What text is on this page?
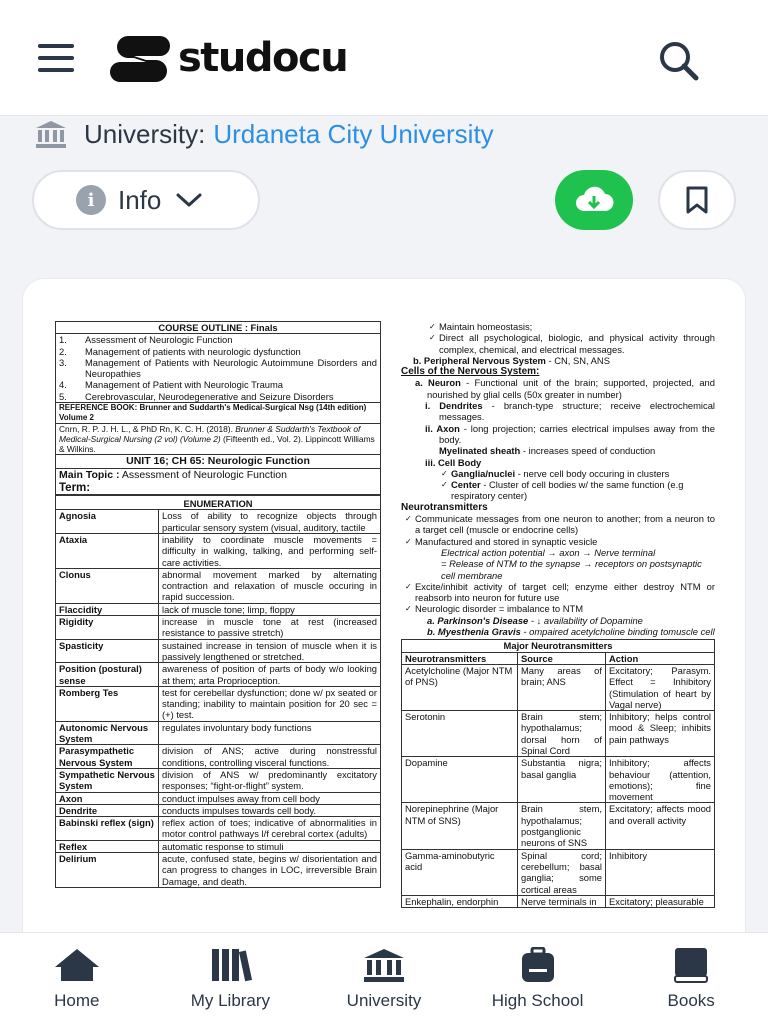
studocu
University: Urdaneta City University
i Info
COURSE OUTLINE : Finals

1.	Assessment of Neurologic Function
2.	Management of patients with neurologic dysfunction
3.	Management of Patients with Neurologic Autoimmune Disorders and Neuropathies
4.	Management of Patient with Neurologic Trauma
5.	Cerebrovascular, Neurodegenerative and Seizure Disorders

REFERENCE BOOK: Brunner and Suddarth's Medical-Surgical Nsg (14th edition) Volume 2
Cnrn, R. P. J. H. L., & PhD Rn, K. C. H. (2018). Brunner & Suddarth's Textbook of Medical-Surgical Nursing (2 vol) (Volume 2) (Fifteenth ed., Vol. 2). Lippincott Williams & Wilkins.
UNIT 16; CH 65: Neurologic Function
Main Topic : Assessment of Neurologic Function
Term:
ENUMERATION	
Agnosia	Loss of ability to recognize objects through particular sensory system (visual, auditory, tactile
Ataxia	inability to coordinate muscle movements = difficulty in walking, talking, and performing self-care activities.
Clonus	abnormal movement marked by alternating contraction and relaxation of muscle occuring in rapid succession.
Flaccidity	lack of muscle tone; limp, floppy
Rigidity	increase in muscle tone at rest (increased resistance to passive stretch)
Spasticity	sustained increase in tension of muscle when it is passively lengthened or stretched.
Position (postural) sense	awareness of position of parts of body w/o looking at them; arta Proprioception.
Romberg Tes	test for cerebellar dysfunction; done w/ px seated or standing; inability to maintain position for 20 sec = (+) test.
Autonomic Nervous System	regulates involuntary body functions
Parasympathetic Nervous System	division of ANS; active during nonstressful conditions, controlling visceral functions.
Sympathetic Nervous System	division of ANS w/ predominantly excitatory responses; “fight-or-flight” system.
Axon	conduct impulses away from cell body
Dendrite	conducts impulses towards cell body.
Babinski reflex (sign)	reflex action of toes; indicative of abnormalities in motor control pathways l/f cerebral cortex (adults)
Reflex	automatic response to stimuli
Delirium	acute, confused state, begins w/ disorientation and can progress to changes in LOC, irreversible Brain Damage, and death.
✓ Maintain homeostasis;
✓ Direct all psychological, biologic, and physical activity through complex, chemical, and electrical messages.
b. Peripheral Nervous System - CN, SN, ANS
Cells of the Nervous System:
a. Neuron - Functional unit of the brain; supported, projected, and nourished by glial cells (50x greater in number)
i. Dendrites - branch-type structure; receive electrochemical messages.
ii. Axon - long projection; carries electrical impulses away from the body.
Myelinated sheath - increases speed of conduction
iii. Cell Body
✓ Ganglia/nuclei - nerve cell body occuring in clusters
✓ Center - Cluster of cell bodies w/ the same function (e.g respiratory center)
Neurotransmitters
✓ Communicate messages from one neuron to another; from a neuron to a target cell (muscle or endocrine cells)
✓ Manufactured and stored in synaptic vesicle
Electrical action potential → axon → Nerve terminal
= Release of NTM to the synapse → receptors on postsynaptic cell membrane
✓ Excite/inhibit activity of target cell; enzyme either destroy NTM or reabsorb into neuron for future use
✓ Neurologic disorder = imbalance to NTM
a. Parkinson's Disease - ↓ availability of Dopamine
b. Myesthenia Gravis - ompaired acetylcholine binding tomuscle cell
Major Neurotransmitters		
Neurotransmitters	Source	Action
Acetylcholine (Major NTM of PNS)	Many areas of brain; ANS	Excitatory; Parasym. Effect = Inhibitory (Stimulation of heart by Vagal nerve)
Serotonin	Brain stem; hypothalamus; dorsal horn of Spinal Cord	Inhibitory; helps control mood & Sleep; inhibits pain pathways
Dopamine	Substantia nigra; basal ganglia	Inhibitory; affects behaviour (attention, emotions); fine movement
Norepinephrine (Major NTM of SNS)	Brain stem, hypothalamus; postganglionic neurons of SNS	Excitatory; affects mood and overall activity
Gamma-aminobutyric acid	Spinal cord; cerebellum; basal ganglia; some cortical areas	Inhibitory
Enkephalin, endorphin	Nerve terminals in	Excitatory; pleasurable
Home	My Library	University	High School	Books
